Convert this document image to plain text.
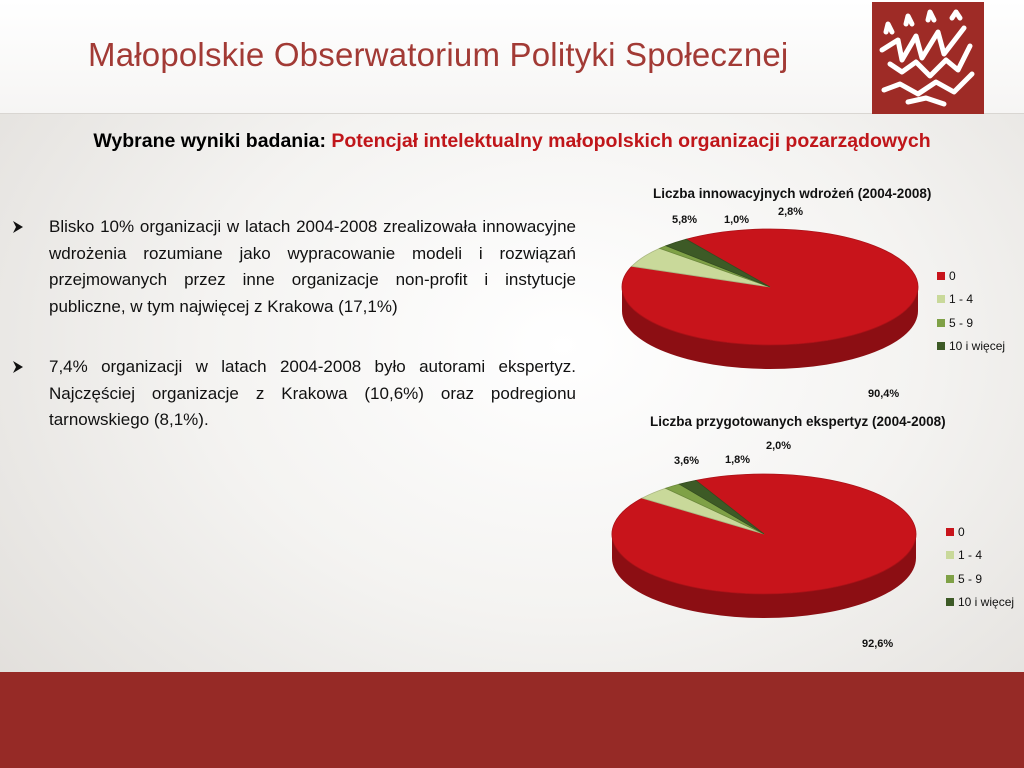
Małopolskie Obserwatorium Polityki Społecznej
Wybrane wyniki badania: Potencjał intelektualny małopolskich organizacji pozarządowych
Blisko 10% organizacji w latach 2004-2008 zrealizowała innowacyjne wdrożenia rozumiane jako wypracowanie modeli i rozwiązań przejmowanych przez inne organizacje non-profit i instytucje publiczne, w tym najwięcej z Krakowa (17,1%)
7,4% organizacji w latach 2004-2008 było autorami ekspertyz. Najczęściej organizacje z Krakowa (10,6%) oraz podregionu tarnowskiego (8,1%).
Liczba innowacyjnych wdrożeń (2004-2008)
0
1 - 4
5 - 9
10 i więcej
5,8% 1,0%
2,8%
90,4%
Liczba przygotowanych ekspertyz (2004-2008)
0
1 - 4
5 - 9
10 i więcej
3,6% 1,8%
2,0%
92,6%
